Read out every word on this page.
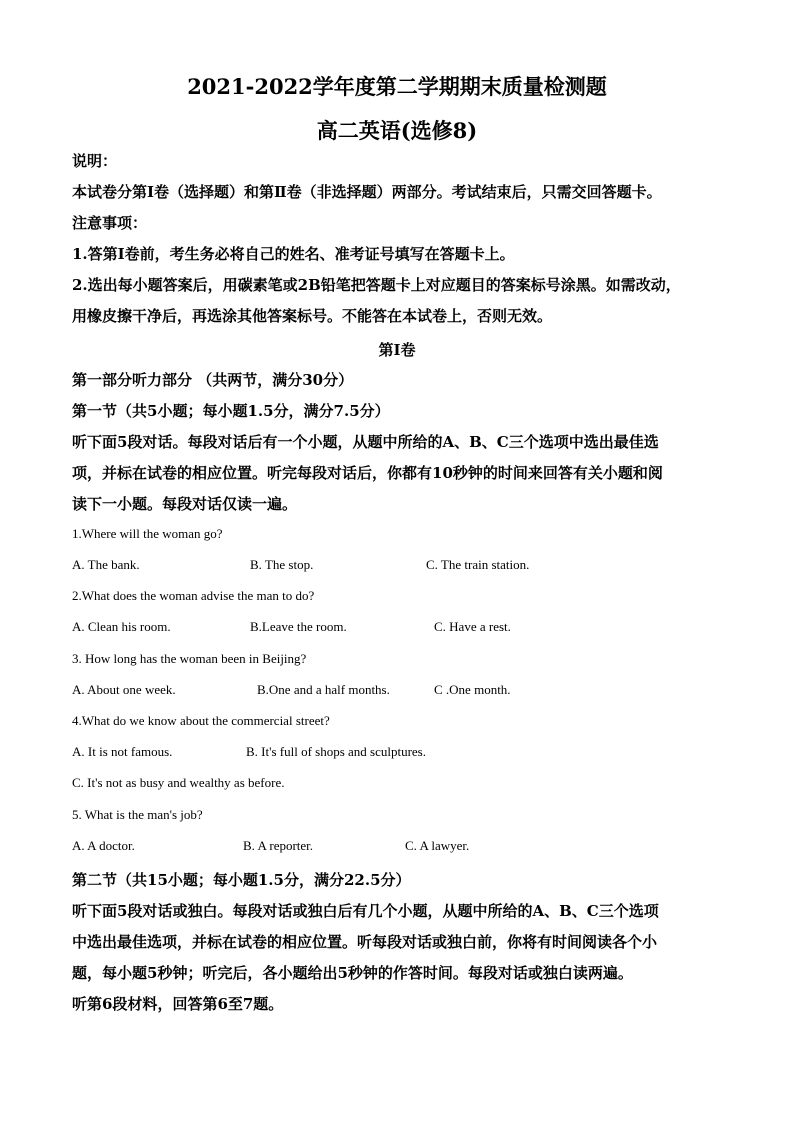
2021-2022学年度第二学期期末质量检测题
高二英语(选修8)
说明：
本试卷分第Ⅰ卷（选择题）和第Ⅱ卷（非选择题）两部分。考试结束后，只需交回答题卡。
注意事项：
1.答第Ⅰ卷前，考生务必将自己的姓名、准考证号填写在答题卡上。
2.选出每小题答案后，用碳素笔或2B铅笔把答题卡上对应题目的答案标号涂黑。如需改动，
用橡皮擦干净后，再选涂其他答案标号。不能答在本试卷上，否则无效。
第Ⅰ卷
第一部分听力部分 （共两节，满分30分）
第一节（共5小题；每小题1.5分，满分7.5分）
听下面5段对话。每段对话后有一个小题，从题中所给的A、B、C三个选项中选出最佳选
项，并标在试卷的相应位置。听完每段对话后，你都有10秒钟的时间来回答有关小题和阅
读下一小题。每段对话仅读一遍。
1.Where will the woman go?
A. The bank.	B. The stop.	C. The train station.
2.What does the woman advise the man to do?
A. Clean his room.	B.Leave the room.	C. Have a rest.
3. How long has the woman been in Beijing?
A. About one week.	B.One and a half months.	C .One month.
4.What do we know about the commercial street?
A. It is not famous.	B. It's full of shops and sculptures.
C. It's not as busy and wealthy as before.
5. What is the man's job?
A. A doctor.	B. A reporter.	C. A lawyer.
第二节（共15小题；每小题1.5分，满分22.5分）
听下面5段对话或独白。每段对话或独白后有几个小题，从题中所给的A、B、C三个选项
中选出最佳选项，并标在试卷的相应位置。听每段对话或独白前，你将有时间阅读各个小
题，每小题5秒钟；听完后，各小题给出5秒钟的作答时间。每段对话或独白读两遍。
听第6段材料，回答第6至7题。
